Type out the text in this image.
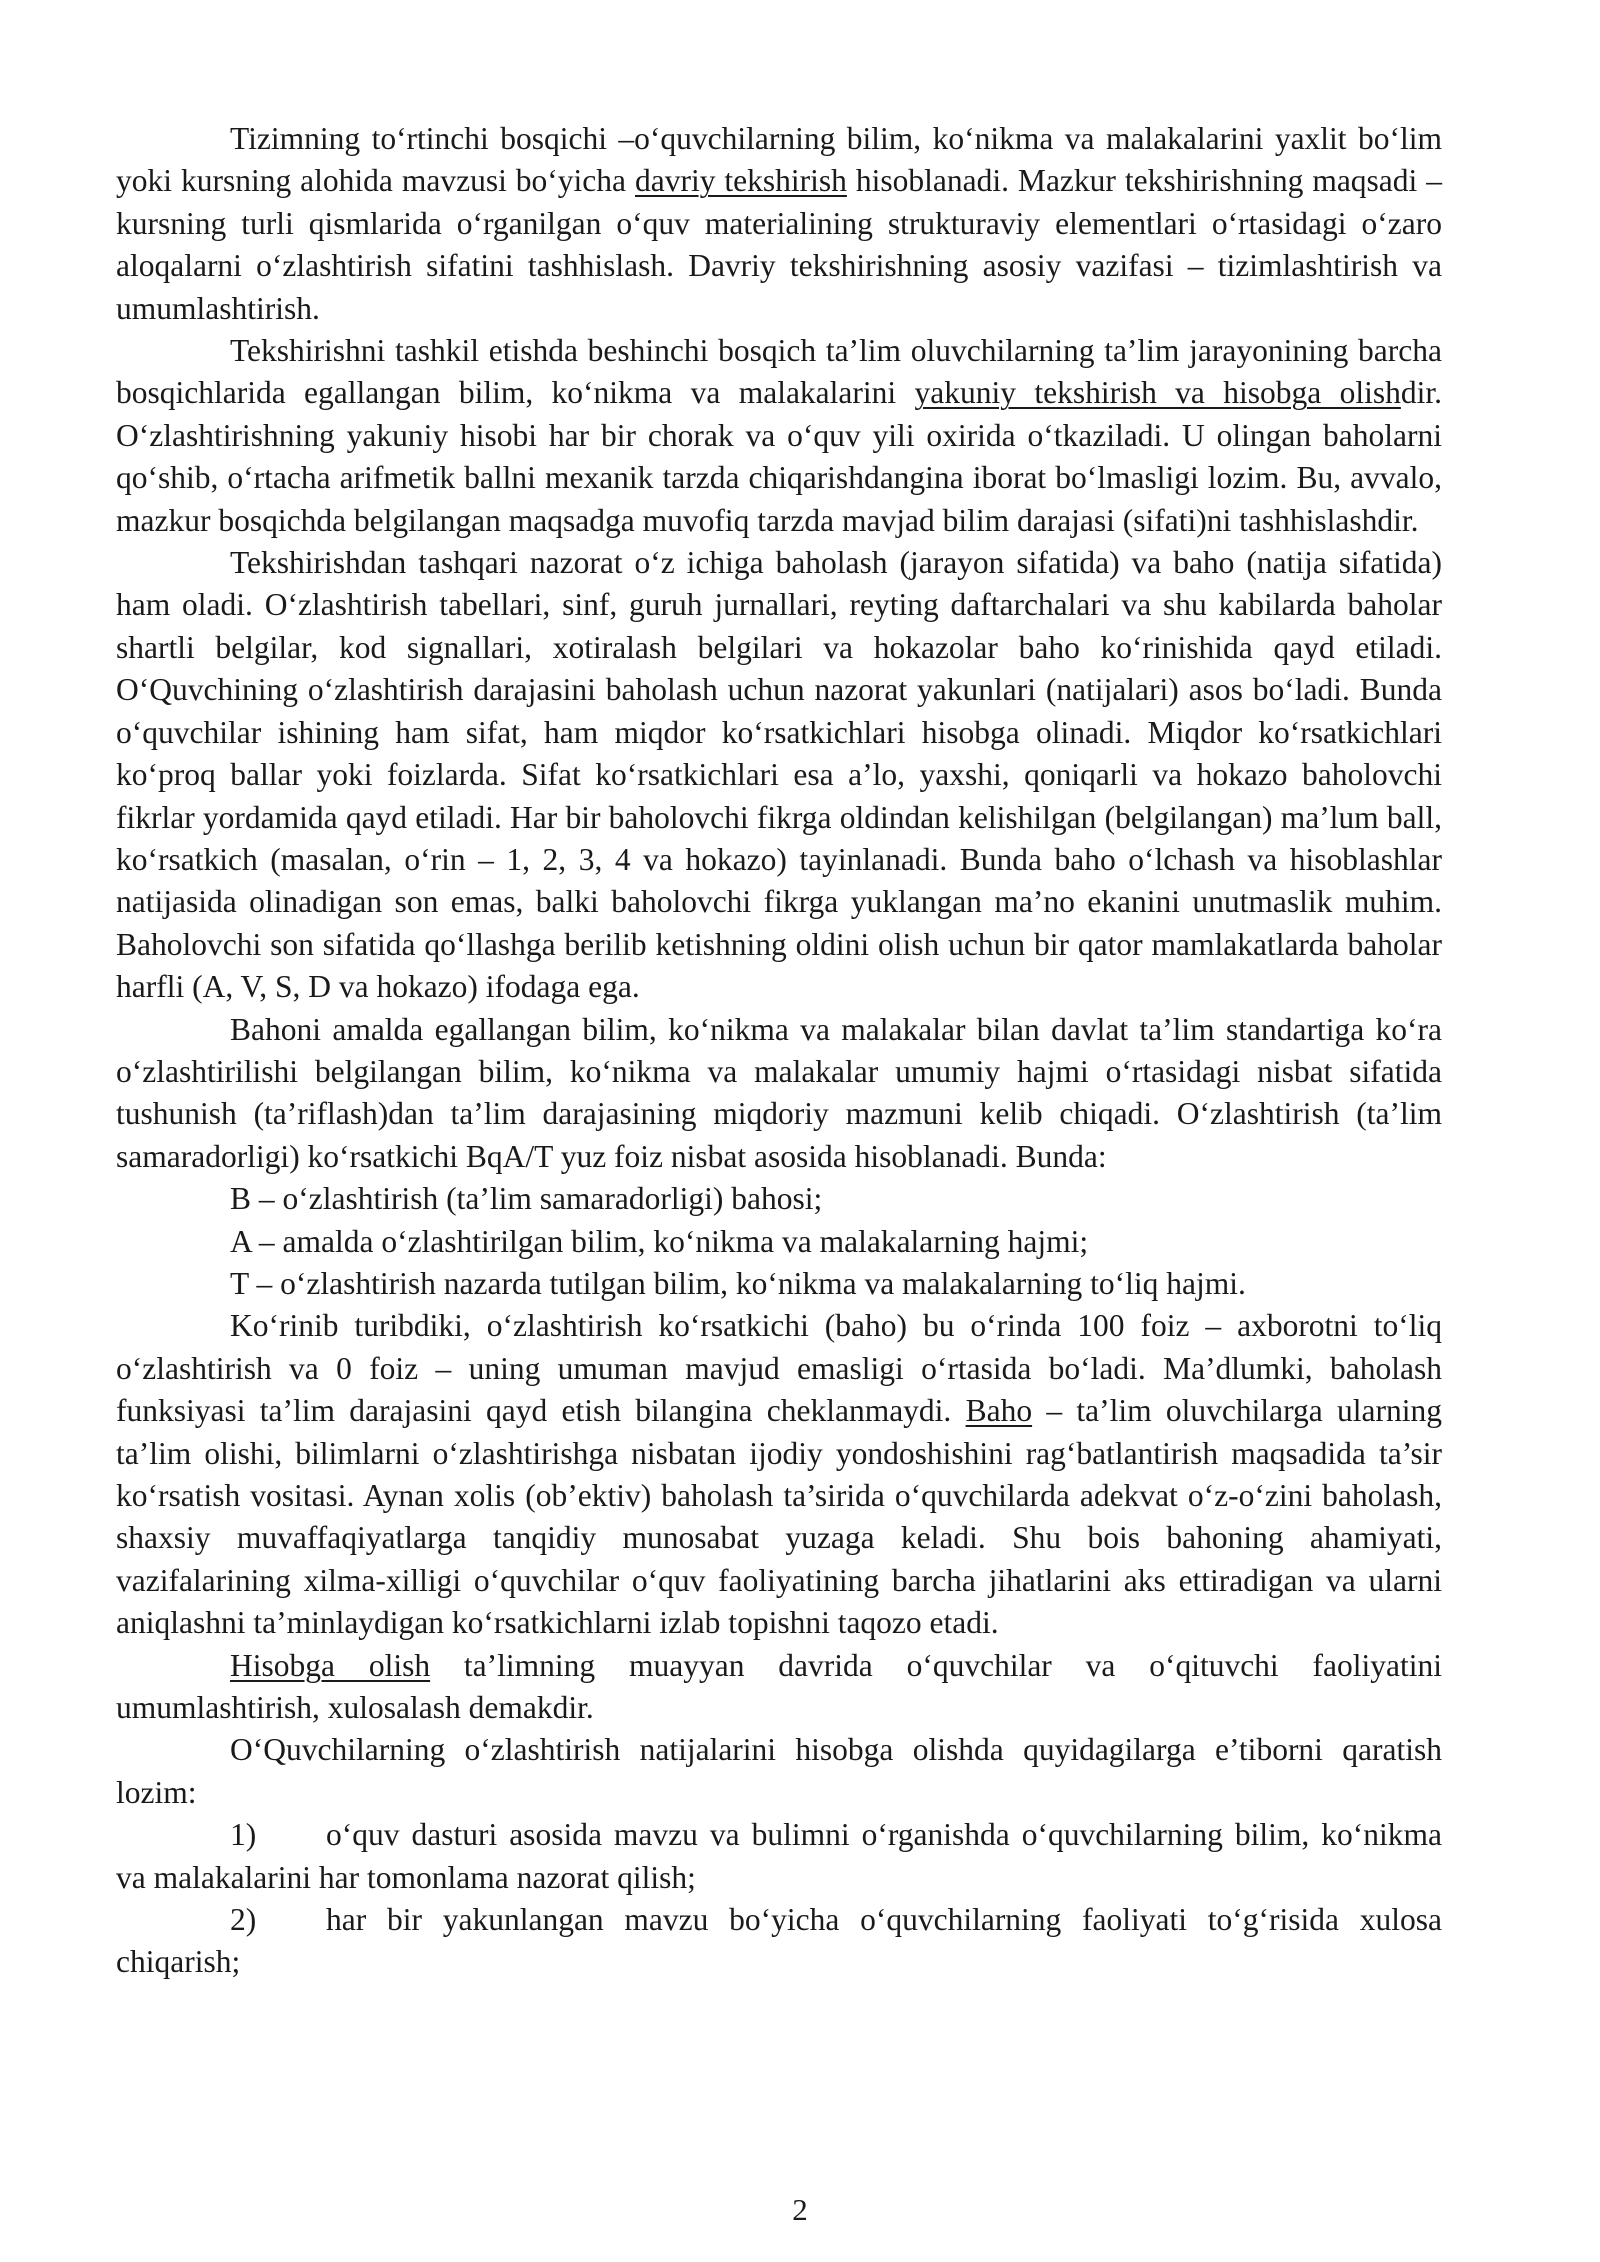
Tizimning to‘rtinchi bosqichi –o‘quvchilarning bilim, ko‘nikma va malakalarini yaxlit bo‘lim yoki kursning alohida mavzusi bo‘yicha davriy tekshirish hisoblanadi. Mazkur tekshirishning maqsadi – kursning turli qismlarida o‘rganilgan o‘quv materialining strukturaviy elementlari o‘rtasidagi o‘zaro aloqalarni o‘zlashtirish sifatini tashhislash. Davriy tekshirishning asosiy vazifasi – tizimlashtirish va umumlashtirish.

Tekshirishni tashkil etishda beshinchi bosqich ta’lim oluvchilarning ta’lim jarayonining barcha bosqichlarida egallangan bilim, ko‘nikma va malakalarini yakuniy tekshirish va hisobga olishdir. O‘zlashtirishning yakuniy hisobi har bir chorak va o‘quv yili oxirida o‘tkaziladi. U olingan baholarni qo‘shib, o‘rtacha arifmetik ballni mexanik tarzda chiqarishdangina iborat bo‘lmasligi lozim. Bu, avvalo, mazkur bosqichda belgilangan maqsadga muvofiq tarzda mavjad bilim darajasi (sifati)ni tashhislashdir.

Tekshirishdan tashqari nazorat o‘z ichiga baholash (jarayon sifatida) va baho (natija sifatida) ham oladi. O‘zlashtirish tabellari, sinf, guruh jurnallari, reyting daftarchalari va shu kabilarda baholar shartli belgilar, kod signallari, xotiralash belgilari va hokazolar baho ko‘rinishida qayd etiladi. O‘Quvchining o‘zlashtirish darajasini baholash uchun nazorat yakunlari (natijalari) asos bo‘ladi. Bunda o‘quvchilar ishining ham sifat, ham miqdor ko‘rsatkichlari hisobga olinadi. Miqdor ko‘rsatkichlari ko‘proq ballar yoki foizlarda. Sifat ko‘rsatkichlari esa a’lo, yaxshi, qoniqarli va hokazo baholovchi fikrlar yordamida qayd etiladi. Har bir baholovchi fikrga oldindan kelishilgan (belgilangan) ma’lum ball, ko‘rsatkich (masalan, o‘rin – 1, 2, 3, 4 va hokazo) tayinlanadi. Bunda baho o‘lchash va hisoblashlar natijasida olinadigan son emas, balki baholovchi fikrga yuklangan ma’no ekanini unutmaslik muhim. Baholovchi son sifatida qo‘llashga berilib ketishning oldini olish uchun bir qator mamlakatlarda baholar harfli (A, V, S, D va hokazo) ifodaga ega.

Bahoni amalda egallangan bilim, ko‘nikma va malakalar bilan davlat ta’lim standartiga ko‘ra o‘zlashtirilishi belgilangan bilim, ko‘nikma va malakalar umumiy hajmi o‘rtasidagi nisbat sifatida tushunish (ta’riflash)dan ta’lim darajasining miqdoriy mazmuni kelib chiqadi. O‘zlashtirish (ta’lim samaradorligi) ko‘rsatkichi BqA/T yuz foiz nisbat asosida hisoblanadi. Bunda:

B – o‘zlashtirish (ta’lim samaradorligi) bahosi;

A – amalda o‘zlashtirilgan bilim, ko‘nikma va malakalarning hajmi;

T – o‘zlashtirish nazarda tutilgan bilim, ko‘nikma va malakalarning to‘liq hajmi.

Ko‘rinib turibdiki, o‘zlashtirish ko‘rsatkichi (baho) bu o‘rinda 100 foiz – axborotni to‘liq o‘zlashtirish va 0 foiz – uning umuman mavjud emasligi o‘rtasida bo‘ladi. Ma’dlumki, baholash funksiyasi ta’lim darajasini qayd etish bilangina cheklanmaydi. Baho – ta’lim oluvchilarga ularning ta’lim olishi, bilimlarni o‘zlashtirishga nisbatan ijodiy yondoshishini rag‘batlantirish maqsadida ta’sir ko‘rsatish vositasi. Aynan xolis (ob’ektiv) baholash ta’sirida o‘quvchilarda adekvat o‘z-o‘zini baholash, shaxsiy muvaffaqiyatlarga tanqidiy munosabat yuzaga keladi. Shu bois bahoning ahamiyati, vazifalarining xilma-xilligi o‘quvchilar o‘quv faoliyatining barcha jihatlarini aks ettiradigan va ularni aniqlashni ta’minlaydigan ko‘rsatkichlarni izlab topishni taqozo etadi.

Hisobga olish ta’limning muayyan davrida o‘quvchilar va o‘qituvchi faoliyatini umumlashtirish, xulosalash demakdir.

O‘Quvchilarning o‘zlashtirish natijalarini hisobga olishda quyidagilarga e’tiborni qaratish lozim:

1) o‘quv dasturi asosida mavzu va bulimni o‘rganishda o‘quvchilarning bilim, ko‘nikma va malakalarini har tomonlama nazorat qilish;

2) har bir yakunlangan mavzu bo‘yicha o‘quvchilarning faoliyati to‘g‘risida xulosa chiqarish;

2
